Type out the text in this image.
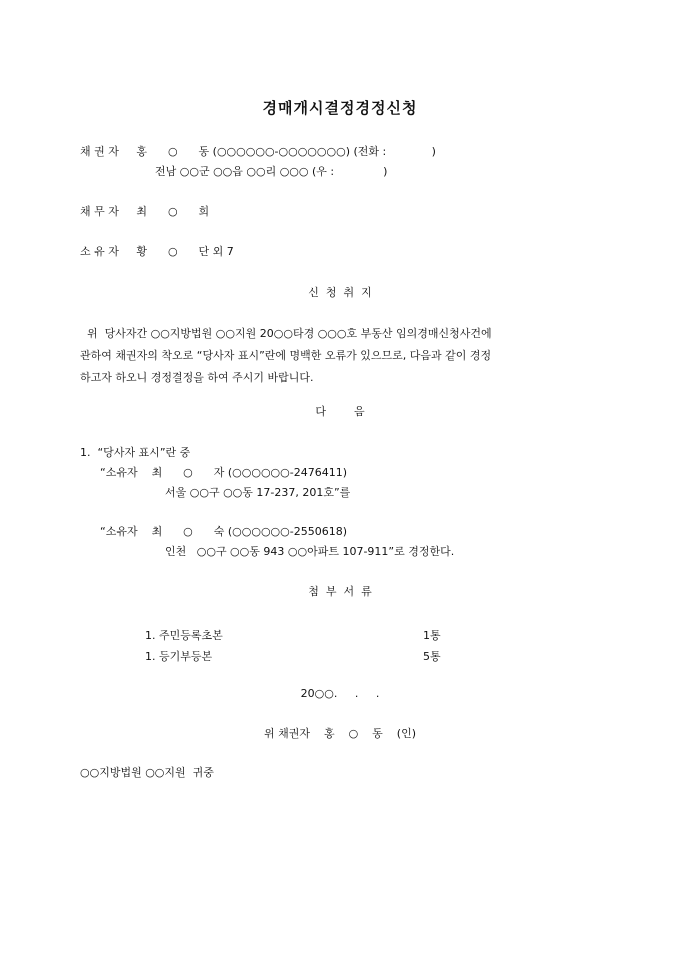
경매개시결정경정신청
채 권 자     홍      ○      동 (○○○○○○-○○○○○○○) (전화 :             )
전남 ○○군 ○○읍 ○○리 ○○○ (우 :              )
채 무 자     최      ○      희
소 유 자     황      ○      단 외 7
신  청  취  지
위  당사자간 ○○지방법원 ○○지원 20○○타경 ○○○호 부동산 임의경매신청사건에
관하여 채권자의 착오로 “당사자 표시”란에 명백한 오류가 있으므로, 다음과 같이 경정
하고자 하오니 경정결정을 하여 주시기 바랍니다.
다        음
1.  “당사자 표시”란 중
“소유자    최      ○      자 (○○○○○○-2476411)
서울 ○○구 ○○동 17-237, 201호”를
“소유자    최      ○      숙 (○○○○○○-2550618)
인천   ○○구 ○○동 943 ○○아파트 107-911”로 경정한다.
첨  부  서  류
1. 주민등록초본	1통
1. 등기부등본	5통
20○○.     .     .
위 채권자    홍    ○    동    (인)
○○지방법원 ○○지원  귀중
